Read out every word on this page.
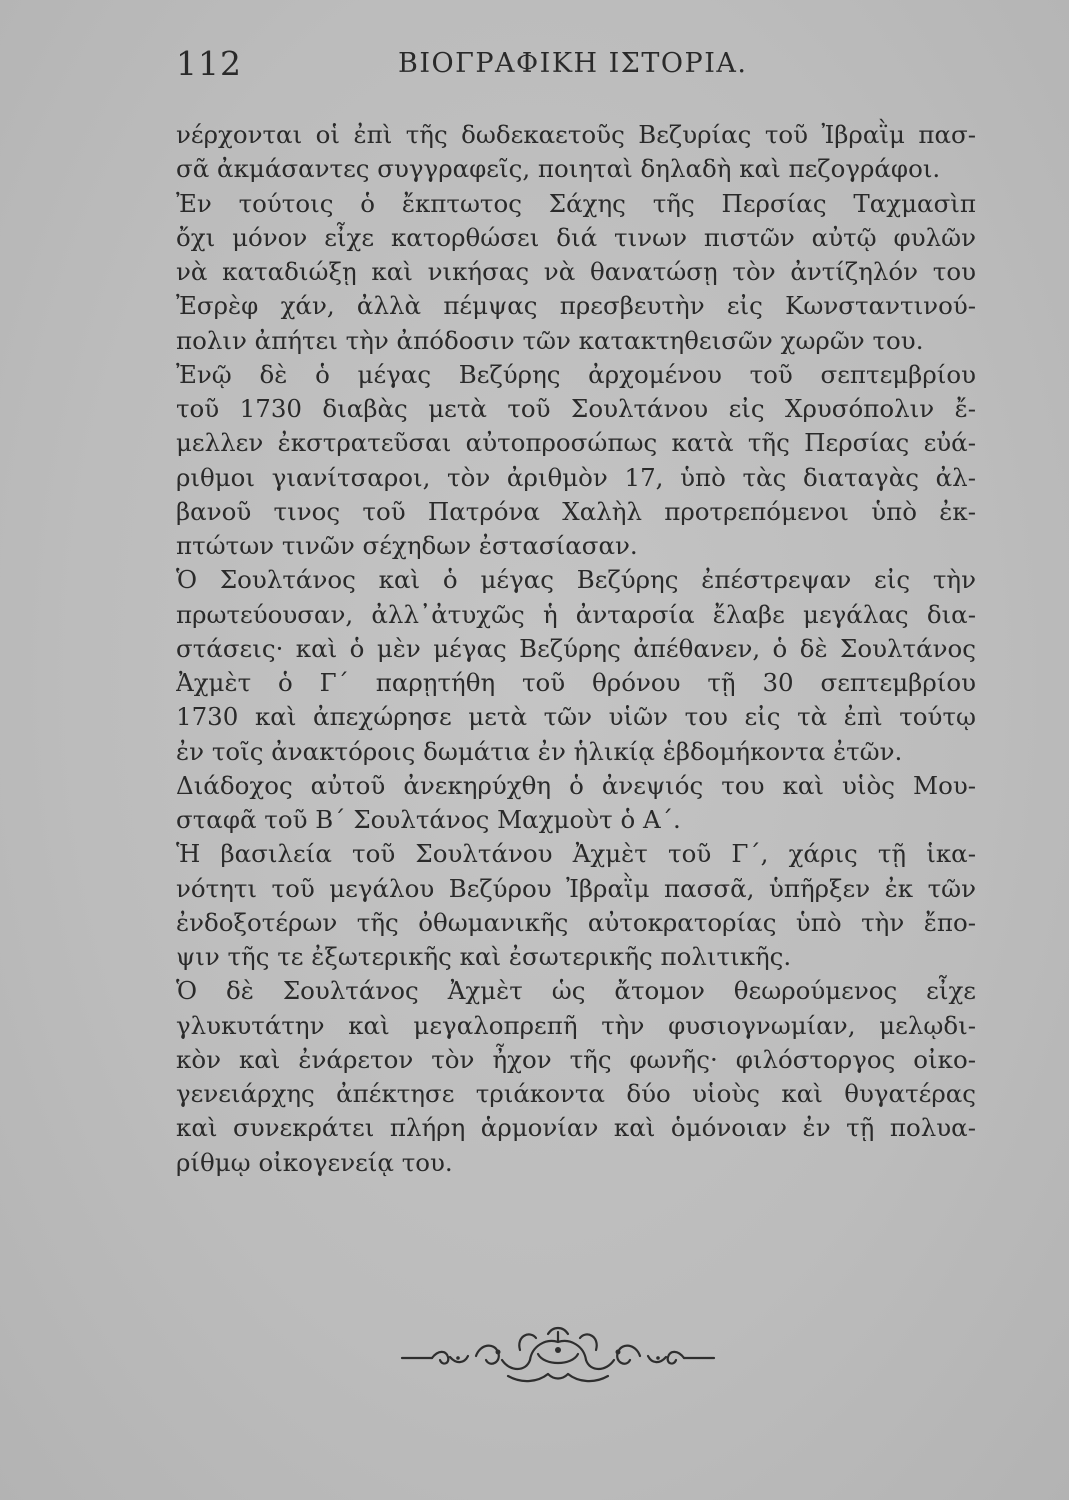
112	ΒΙΟΓΡΑΦΙΚΗ ΙΣΤΟΡΙΑ.
νέρχονται οἱ ἐπὶ τῆς δωδεκαετοῦς Βεζυρίας τοῦ Ἰβραῒμ πασ-
σᾶ ἀκμάσαντες συγγραφεῖς, ποιηταὶ δηλαδὴ καὶ πεζογράφοι.
Ἐν τούτοις ὁ ἔκπτωτος Σάχης τῆς Περσίας Ταχμασὶπ
ὄχι μόνον εἶχε κατορθώσει διά τινων πιστῶν αὐτῷ φυλῶν
νὰ καταδιώξῃ καὶ νικήσας νὰ θανατώσῃ τὸν ἀντίζηλόν του
Ἐσρὲφ χάν, ἀλλὰ πέμψας πρεσβευτὴν εἰς Κωνσταντινού-
πολιν ἀπήτει τὴν ἀπόδοσιν τῶν κατακτηθεισῶν χωρῶν του.
Ἐνῷ δὲ ὁ μέγας Βεζύρης ἀρχομένου τοῦ σεπτεμβρίου
τοῦ 1730 διαβὰς μετὰ τοῦ Σουλτάνου εἰς Χρυσόπολιν ἔ-
μελλεν ἐκστρατεῦσαι αὐτοπροσώπως κατὰ τῆς Περσίας εὐά-
ριθμοι γιανίτσαροι, τὸν ἀριθμὸν 17, ὑπὸ τὰς διαταγὰς ἀλ-
βανοῦ τινος τοῦ Πατρόνα Χαλὴλ προτρεπόμενοι ὑπὸ ἐκ-
πτώτων τινῶν σέχηδων ἐστασίασαν.
Ὁ Σουλτάνος καὶ ὁ μέγας Βεζύρης ἐπέστρεψαν εἰς τὴν
πρωτεύουσαν, ἀλλ᾽ἀτυχῶς ἡ ἀνταρσία ἔλαβε μεγάλας δια-
στάσεις· καὶ ὁ μὲν μέγας Βεζύρης ἀπέθανεν, ὁ δὲ Σουλτάνος
Ἀχμὲτ ὁ Γ΄ παρῃτήθη τοῦ θρόνου τῇ 30 σεπτεμβρίου
1730 καὶ ἀπεχώρησε μετὰ τῶν υἱῶν του εἰς τὰ ἐπὶ τούτῳ
ἐν τοῖς ἀνακτόροις δωμάτια ἐν ἡλικίᾳ ἑβδομήκοντα ἐτῶν.
Διάδοχος αὐτοῦ ἀνεκηρύχθη ὁ ἀνεψιός του καὶ υἱὸς Μου-
σταφᾶ τοῦ Β΄ Σουλτάνος Μαχμοὺτ ὁ Α΄.
Ἡ βασιλεία τοῦ Σουλτάνου Ἀχμὲτ τοῦ Γ΄, χάρις τῇ ἱκα-
νότητι τοῦ μεγάλου Βεζύρου Ἰβραῒμ πασσᾶ, ὑπῆρξεν ἐκ τῶν
ἐνδοξοτέρων τῆς ὀθωμανικῆς αὐτοκρατορίας ὑπὸ τὴν ἔπο-
ψιν τῆς τε ἐξωτερικῆς καὶ ἐσωτερικῆς πολιτικῆς.
Ὁ δὲ Σουλτάνος Ἀχμὲτ ὡς ἄτομον θεωρούμενος εἶχε
γλυκυτάτην καὶ μεγαλοπρεπῆ τὴν φυσιογνωμίαν, μελῳδι-
κὸν καὶ ἐνάρετον τὸν ἦχον τῆς φωνῆς· φιλόστοργος οἰκο-
γενειάρχης ἀπέκτησε τριάκοντα δύο υἱοὺς καὶ θυγατέρας
καὶ συνεκράτει πλήρη ἁρμονίαν καὶ ὁμόνοιαν ἐν τῇ πολυα-
ρίθμῳ οἰκογενείᾳ του.
